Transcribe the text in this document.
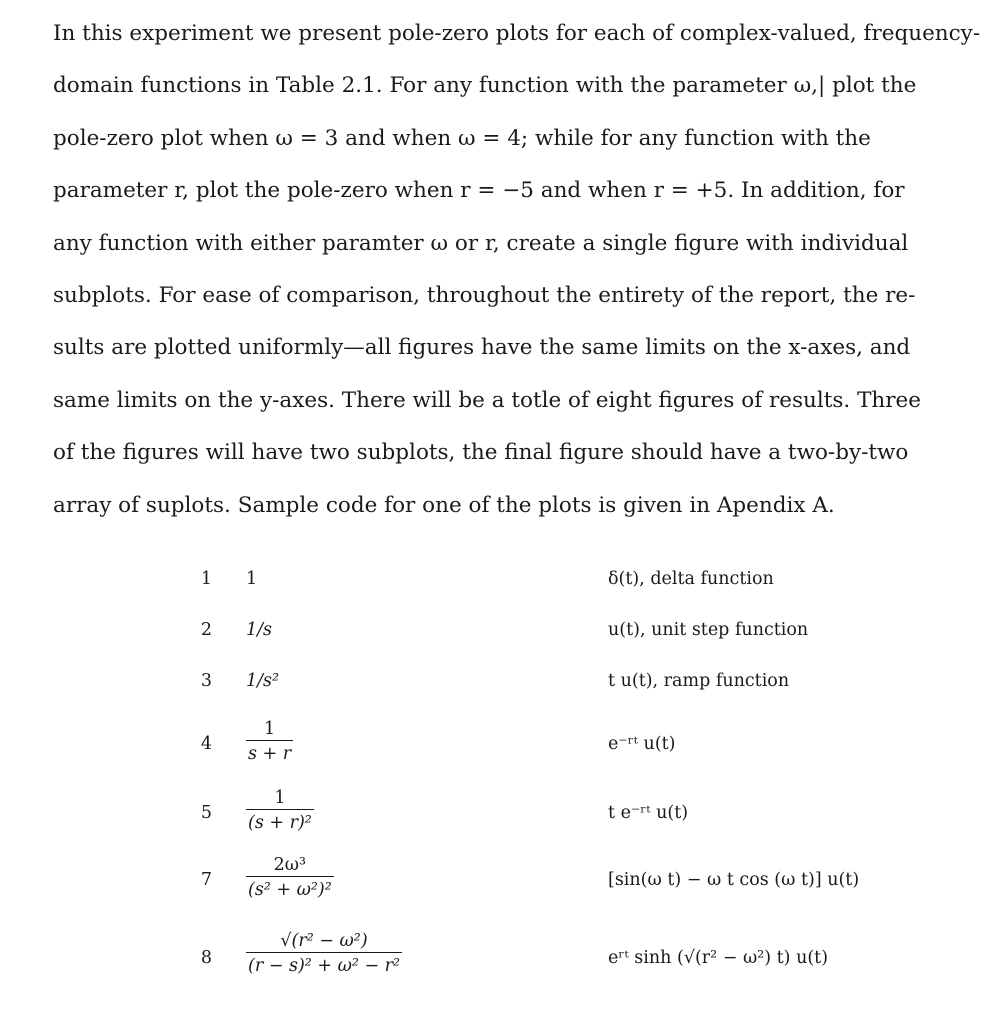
In this experiment we present pole-zero plots for each of complex-valued, frequency-

domain functions in Table 2.1. For any function with the parameter ω,| plot the

pole-zero plot when ω = 3 and when ω = 4; while for any function with the

parameter r, plot the pole-zero when r = −5 and when r = +5. In addition, for

any function with either paramter ω or r, create a single figure with individual

subplots. For ease of comparison, throughout the entirety of the report, the re-

sults are plotted uniformly—all figures have the same limits on the x-axes, and

same limits on the y-axes. There will be a totle of eight figures of results. Three

of the figures will have two subplots, the final figure should have a two-by-two

array of suplots. Sample code for one of the plots is given in Apendix A.

1 1	δ(t), delta function
2 1/s	u(t), unit step function
3 1/s²	t u(t), ramp function
$4 \frac{1}{s + r}$	e⁻ʳᵗ u(t)
$5 \frac{1}{\text{(s + r)²}}$	t e⁻ʳᵗ u(t)
$7 \frac{\text{2ω³}}{\text{(s² + ω²)²}}$	[sin(ω t) − ω t cos (ω t)] u(t)
$8 \frac{\text{√(r² − ω²)}}{\text{(r − s)² + ω² − r²}}$	eʳᵗ sinh (√(r² − ω²) t) u(t)
